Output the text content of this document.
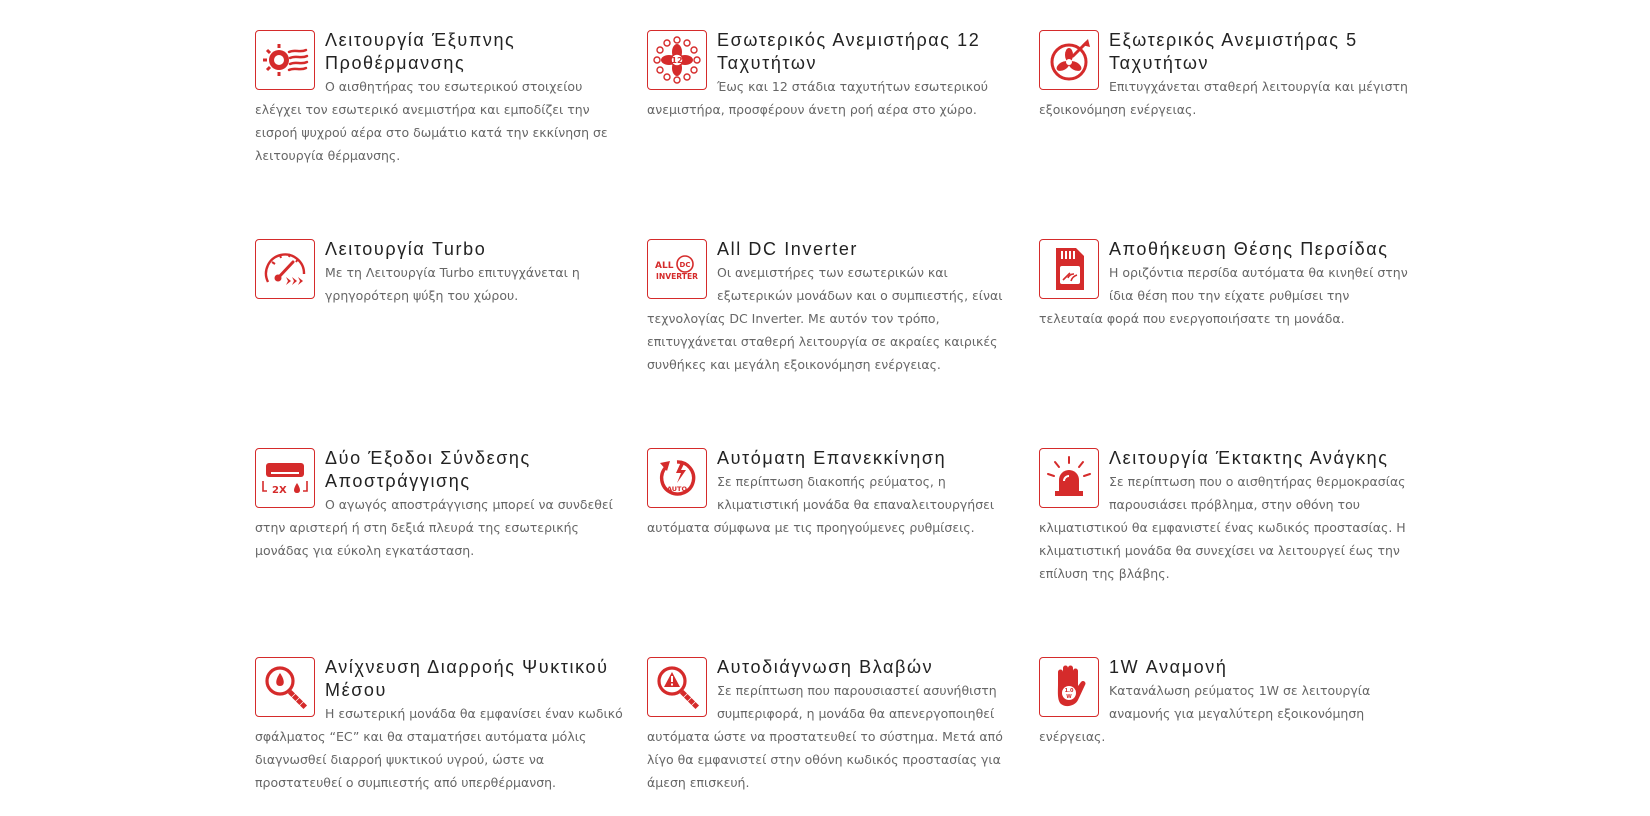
Λειτουργία Έξυπνης Προθέρμανσης

Ο αισθητήρας του εσωτερικού στοιχείου ελέγχει τον εσωτερικό ανεμιστήρα και εμποδίζει την εισροή ψυχρού αέρα στο δωμάτιο κατά την εκκίνηση σε λειτουργία θέρμανσης.

12
Εσωτερικός Ανεμιστήρας 12 Ταχυτήτων

Έως και 12 στάδια ταχυτήτων εσωτερικού ανεμιστήρα, προσφέρουν άνετη ροή αέρα στο χώρο.

Εξωτερικός Ανεμιστήρας 5 Ταχυτήτων

Επιτυγχάνεται σταθερή λειτουργία και μέγιστη εξοικονόμηση ενέργειας.

Λειτουργία Turbo

Με τη Λειτουργία Turbo επιτυγχάνεται η γρηγορότερη ψύξη του χώρου.

ALL DC
INVERTER
All DC Inverter

Οι ανεμιστήρες των εσωτερικών και εξωτερικών μονάδων και ο συμπιεστής, είναι τεχνολογίας DC Inverter. Με αυτόν τον τρόπο, επιτυγχάνεται σταθερή λειτουργία σε ακραίες καιρικές συνθήκες και μεγάλη εξοικονόμηση ενέργειας.

Αποθήκευση Θέσης Περσίδας

Η οριζόντια περσίδα αυτόματα θα κινηθεί στην ίδια θέση που την είχατε ρυθμίσει την τελευταία φορά που ενεργοποιήσατε τη μονάδα.

2X
Δύο Έξοδοι Σύνδεσης Αποστράγγισης

Ο αγωγός αποστράγγισης μπορεί να συνδεθεί στην αριστερή ή στη δεξιά πλευρά της εσωτερικής μονάδας για εύκολη εγκατάσταση.

AUTO
Αυτόματη Επανεκκίνηση

Σε περίπτωση διακοπής ρεύματος, η κλιματιστική μονάδα θα επαναλειτουργήσει αυτόματα σύμφωνα με τις προηγούμενες ρυθμίσεις.

Λειτουργία Έκτακτης Ανάγκης

Σε περίπτωση που ο αισθητήρας θερμοκρασίας παρουσιάσει πρόβλημα, στην οθόνη του κλιματιστικού θα εμφανιστεί ένας κωδικός προστασίας. Η κλιματιστική μονάδα θα συνεχίσει να λειτουργεί έως την επίλυση της βλάβης.

Ανίχνευση Διαρροής Ψυκτικού Μέσου

Η εσωτερική μονάδα θα εμφανίσει έναν κωδικό σφάλματος “EC” και θα σταματήσει αυτόματα μόλις διαγνωσθεί διαρροή ψυκτικού υγρού, ώστε να προστατευθεί ο συμπιεστής από υπερθέρμανση.

Αυτοδιάγνωση Βλαβών

Σε περίπτωση που παρουσιαστεί ασυνήθιστη συμπεριφορά, η μονάδα θα απενεργοποιηθεί αυτόματα ώστε να προστατευθεί το σύστημα. Μετά από λίγο θα εμφανιστεί στην οθόνη κωδικός προστασίας για άμεση επισκευή.

1.0
W
1W Αναμονή

Κατανάλωση ρεύματος 1W σε λειτουργία αναμονής για μεγαλύτερη εξοικονόμηση ενέργειας.
